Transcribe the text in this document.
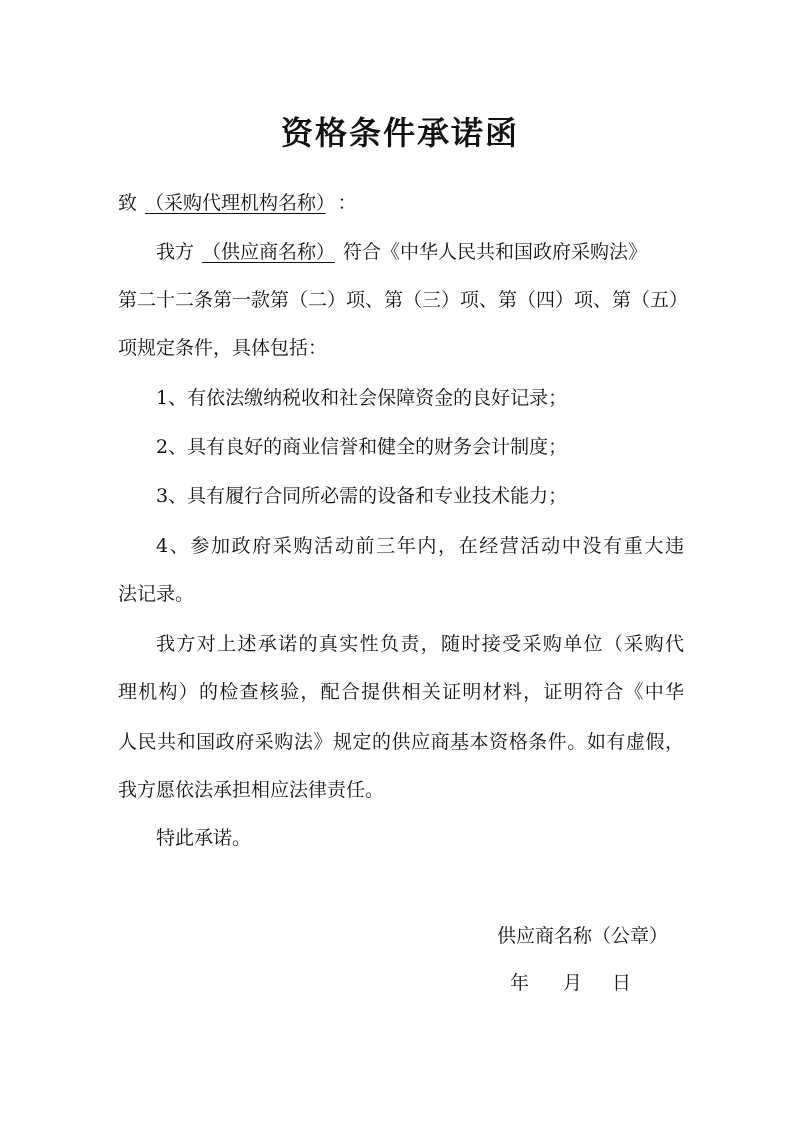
资格条件承诺函
致 （采购代理机构名称） ：
我方 （供应商名称） 符合《中华人民共和国政府采购法》
第二十二条第一款第（二）项、第（三）项、第（四）项、第（五）
项规定条件，具体包括：
1、有依法缴纳税收和社会保障资金的良好记录；
2、具有良好的商业信誉和健全的财务会计制度；
3、具有履行合同所必需的设备和专业技术能力；
4、参加政府采购活动前三年内，在经营活动中没有重大违
法记录。
我方对上述承诺的真实性负责，随时接受采购单位（采购代
理机构）的检查核验，配合提供相关证明材料，证明符合《中华
人民共和国政府采购法》规定的供应商基本资格条件。如有虚假，
我方愿依法承担相应法律责任。
特此承诺。
供应商名称（公章）
年 月 日
